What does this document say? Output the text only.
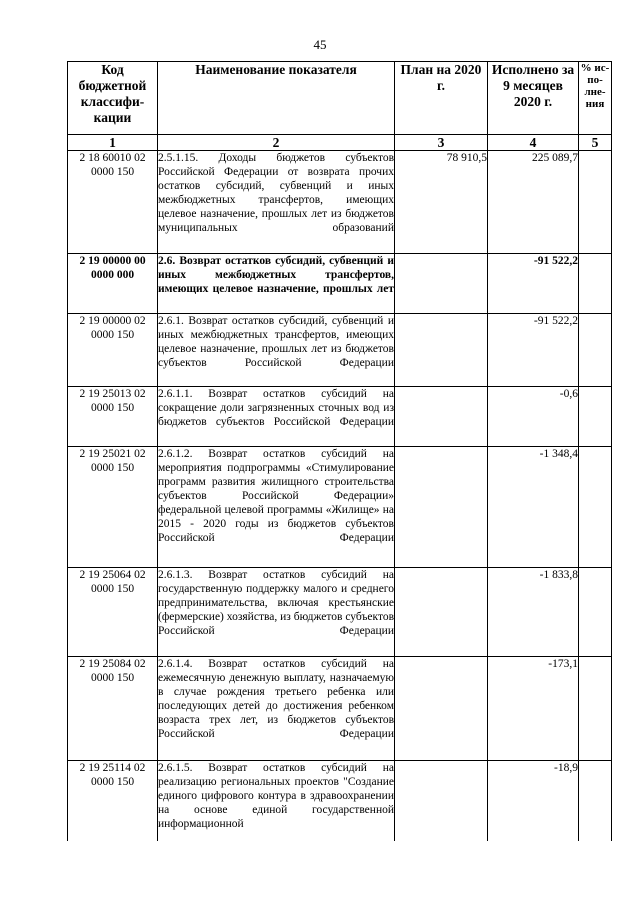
45
Код бюджетной классифи-кации	Наименование показателя	План на 2020 г.	Исполнено за 9 месяцев 2020 г.	% ис-по-лне-ния
1	2	3	4	5
2 18 60010 02 0000 150	2.5.1.15. Доходы бюджетов субъектов Российской Федерации от возврата прочих остатков субсидий, субвенций и иных межбюджетных трансфертов, имеющих целевое назначение, прошлых лет из бюджетов муниципальных образований	78 910,5	225 089,7	
2 19 00000 00 0000 000	2.6. Возврат остатков субсидий, субвенций и иных межбюджетных трансфертов, имеющих целевое назначение, прошлых лет		-91 522,2	
2 19 00000 02 0000 150	2.6.1. Возврат остатков субсидий, субвенций и иных межбюджетных трансфертов, имеющих целевое назначение, прошлых лет из бюджетов субъектов Российской Федерации		-91 522,2	
2 19 25013 02 0000 150	2.6.1.1. Возврат остатков субсидий на сокращение доли загрязненных сточных вод из бюджетов субъектов Российской Федерации		-0,6	
2 19 25021 02 0000 150	2.6.1.2. Возврат остатков субсидий на мероприятия подпрограммы «Стимулирование программ развития жилищного строительства субъектов Российской Федерации» федеральной целевой программы «Жилище» на 2015 - 2020 годы из бюджетов субъектов Российской Федерации		-1 348,4	
2 19 25064 02 0000 150	2.6.1.3. Возврат остатков субсидий на государственную поддержку малого и среднего предпринимательства, включая крестьянские (фермерские) хозяйства, из бюджетов субъектов Российской Федерации		-1 833,8	
2 19 25084 02 0000 150	2.6.1.4. Возврат остатков субсидий на ежемесячную денежную выплату, назначаемую в случае рождения третьего ребенка или последующих детей до достижения ребенком возраста трех лет, из бюджетов субъектов Российской Федерации		-173,1	
2 19 25114 02 0000 150	2.6.1.5. Возврат остатков субсидий на реализацию региональных проектов "Создание единого цифрового контура в здравоохранении на основе единой государственной информационной		-18,9	
